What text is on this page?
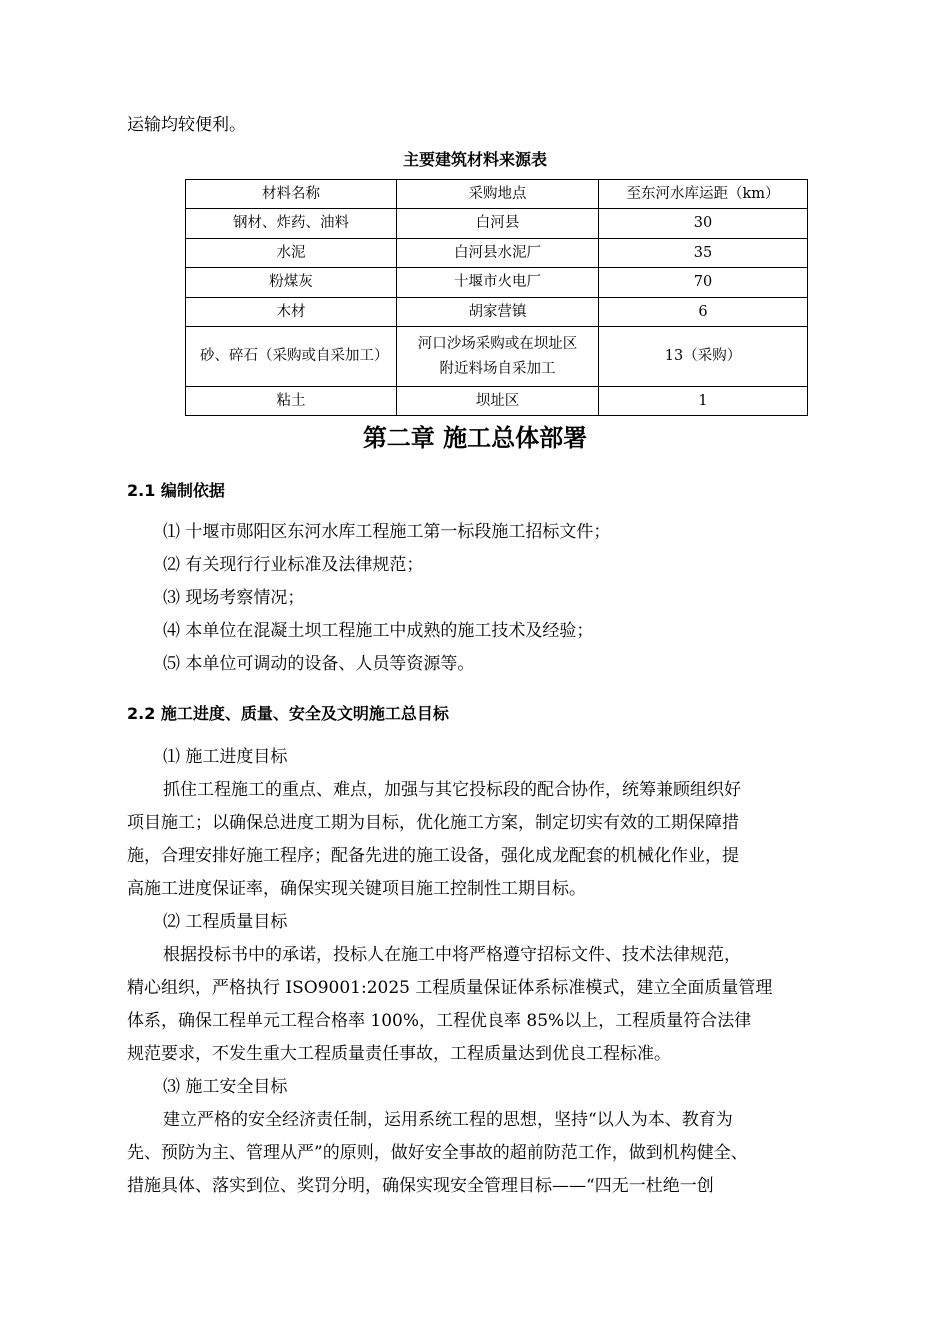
运输均较便利。

主要建筑材料来源表

材料名称	采购地点	至东河水库运距（km）
钢材、炸药、油料	白河县	30
水泥	白河县水泥厂	35
粉煤灰	十堰市火电厂	70
木材	胡家营镇	6
砂、碎石（采购或自采加工）	河口沙场采购或在坝址区附近料场自采加工	13（采购）
粘土	坝址区	1

第二章 施工总体部署

2.1 编制依据

⑴ 十堰市郧阳区东河水库工程施工第一标段施工招标文件；

⑵ 有关现行行业标准及法律规范；

⑶ 现场考察情况；

⑷ 本单位在混凝土坝工程施工中成熟的施工技术及经验；

⑸ 本单位可调动的设备、人员等资源等。

2.2 施工进度、质量、安全及文明施工总目标

⑴ 施工进度目标

抓住工程施工的重点、难点，加强与其它投标段的配合协作，统筹兼顾组织好

项目施工；以确保总进度工期为目标，优化施工方案，制定切实有效的工期保障措

施，合理安排好施工程序；配备先进的施工设备，强化成龙配套的机械化作业，提

高施工进度保证率，确保实现关键项目施工控制性工期目标。

⑵ 工程质量目标

根据投标书中的承诺，投标人在施工中将严格遵守招标文件、技术法律规范，

精心组织，严格执行 ISO9001:2025 工程质量保证体系标准模式，建立全面质量管理

体系，确保工程单元工程合格率 100%，工程优良率 85%以上，工程质量符合法律

规范要求，不发生重大工程质量责任事故，工程质量达到优良工程标准。

⑶ 施工安全目标

建立严格的安全经济责任制，运用系统工程的思想，坚持“以人为本、教育为

先、预防为主、管理从严”的原则，做好安全事故的超前防范工作，做到机构健全、

措施具体、落实到位、奖罚分明，确保实现安全管理目标——“四无一杜绝一创
